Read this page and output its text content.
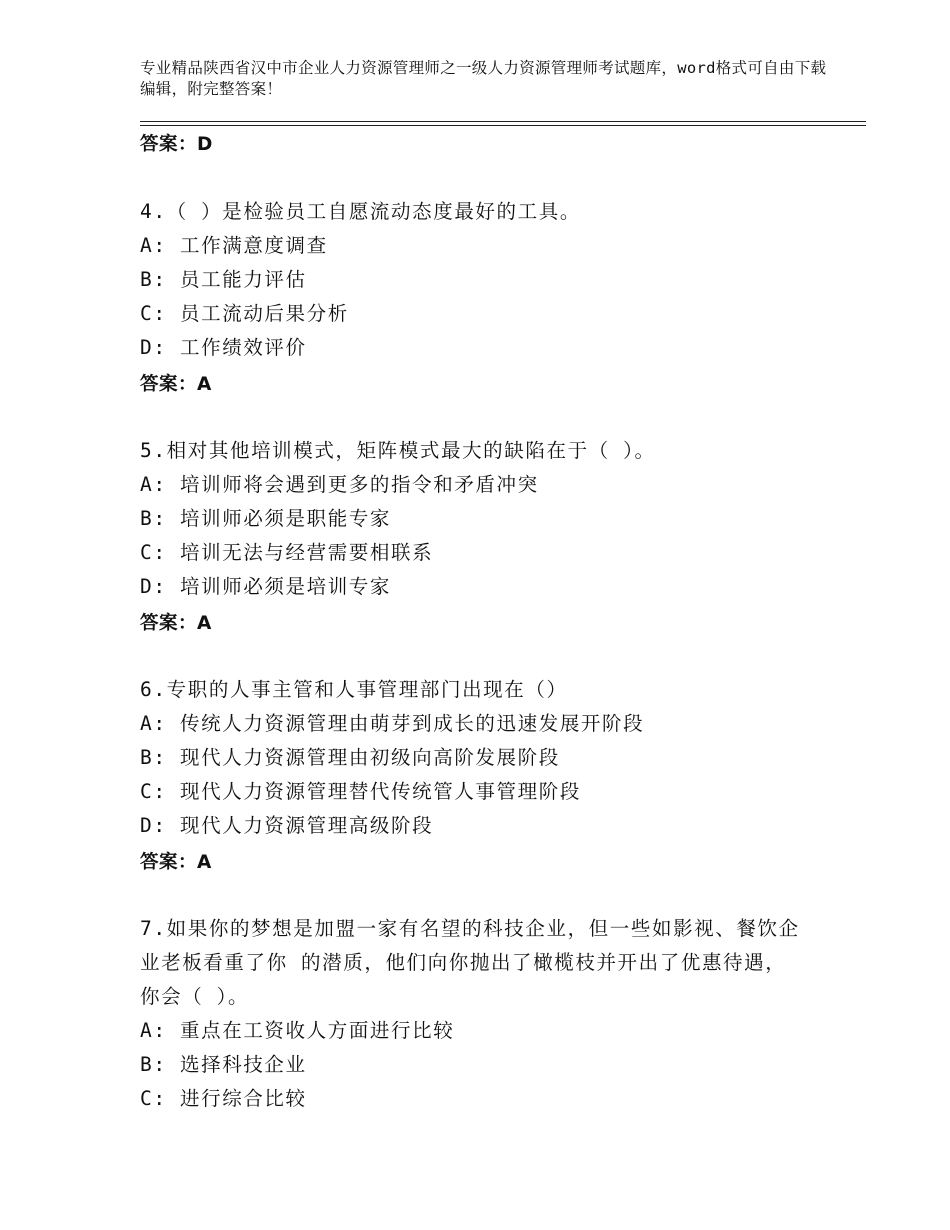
专业精品陕西省汉中市企业人力资源管理师之一级人力资源管理师考试题库，word格式可自由下载编辑，附完整答案！
答案：D
4.（ ）是检验员工自愿流动态度最好的工具。
A: 工作满意度调查
B: 员工能力评估
C: 员工流动后果分析
D: 工作绩效评价
答案：A
5.相对其他培训模式，矩阵模式最大的缺陷在于（ ）。
A: 培训师将会遇到更多的指令和矛盾冲突
B: 培训师必须是职能专家
C: 培训无法与经营需要相联系
D: 培训师必须是培训专家
答案：A
6.专职的人事主管和人事管理部门出现在（）
A: 传统人力资源管理由萌芽到成长的迅速发展开阶段
B: 现代人力资源管理由初级向高阶发展阶段
C: 现代人力资源管理替代传统管人事管理阶段
D: 现代人力资源管理高级阶段
答案：A
7.如果你的梦想是加盟一家有名望的科技企业，但一些如影视、餐饮企业老板看重了你 的潜质，他们向你抛出了橄榄枝并开出了优惠待遇，你会（ ）。
A: 重点在工资收人方面进行比较
B: 选择科技企业
C: 进行综合比较
